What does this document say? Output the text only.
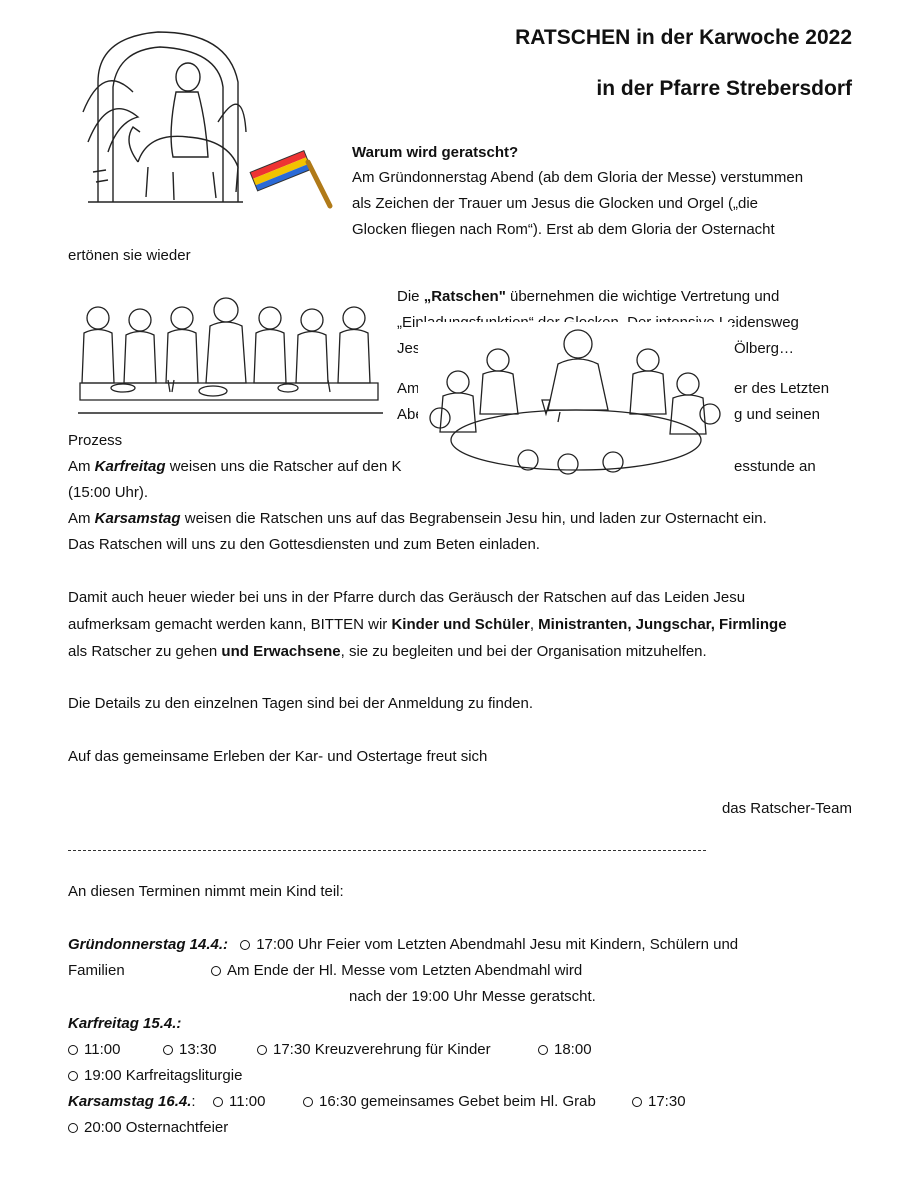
RATSCHEN in der Karwoche 2022
in der Pfarre Strebersdorf
Warum wird geratscht?
Am Gründonnerstag Abend (ab dem Gloria der Messe) verstummen
als Zeichen der Trauer um Jesus die Glocken und Orgel („die
Glocken fliegen nach Rom“). Erst ab dem Gloria der Osternacht
ertönen sie wieder
Die „Ratschen" übernehmen die wichtige Vertretung und
„Einladungsfunktion“ der Glocken. Der intensive Leidensweg
Jes	Ölberg…
Am	er des Letzten
Abe	g und seinen
Prozess
Am Karfreitag weisen uns die Ratscher auf den K	esstunde an
(15:00 Uhr).
Am Karsamstag weisen die Ratschen uns auf das Begrabensein Jesu hin, und laden zur Osternacht ein.
Das Ratschen will uns zu den Gottesdiensten und zum Beten einladen.
Damit auch heuer wieder bei uns in der Pfarre durch das Geräusch der Ratschen auf das Leiden Jesu
aufmerksam gemacht werden kann, BITTEN wir Kinder und Schüler, Ministranten, Jungschar, Firmlinge
als Ratscher zu gehen und Erwachsene, sie zu begleiten und bei der Organisation mitzuhelfen.
Die Details zu den einzelnen Tagen sind bei der Anmeldung zu finden.
Auf das gemeinsame Erleben der Kar- und Ostertage freut sich
das Ratscher-Team
An diesen Terminen nimmt mein Kind teil:
Gründonnerstag 14.4.: 17:00 Uhr Feier vom Letzten Abendmahl Jesu mit Kindern, Schülern und
Familien	Am Ende der Hl. Messe vom Letzten Abendmahl wird
nach der 19:00 Uhr Messe geratscht.
Karfreitag 15.4.:
11:00	13:30	17:30 Kreuzverehrung für Kinder	18:00
19:00 Karfreitagsliturgie
Karsamstag 16.4.:	11:00	16:30 gemeinsames Gebet beim Hl. Grab	17:30
20:00 Osternachtfeier
